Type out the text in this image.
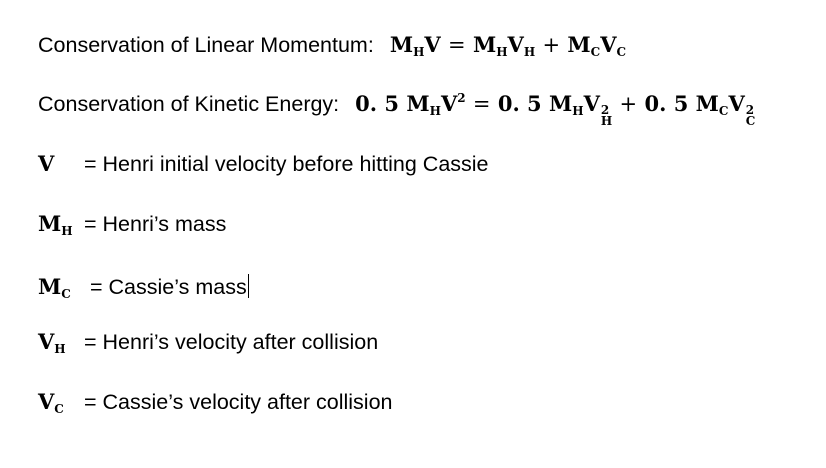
Conservation of Linear Momentum: $M_HV = M_HV_H + M_CV_C$
Conservation of Kinetic Energy: 0. 5 $M_HV^2 = 0$. 5 $M_HV$ 2
H
+ 0. 5 $M_CV$ 2
C
V	= Henri initial velocity before hitting Cassie
$M_H$ = Henri’s mass
$M_C$ = Cassie’s mass
$V_H$ = Henri’s velocity after collision
$V_C$ = Cassie’s velocity after collision
